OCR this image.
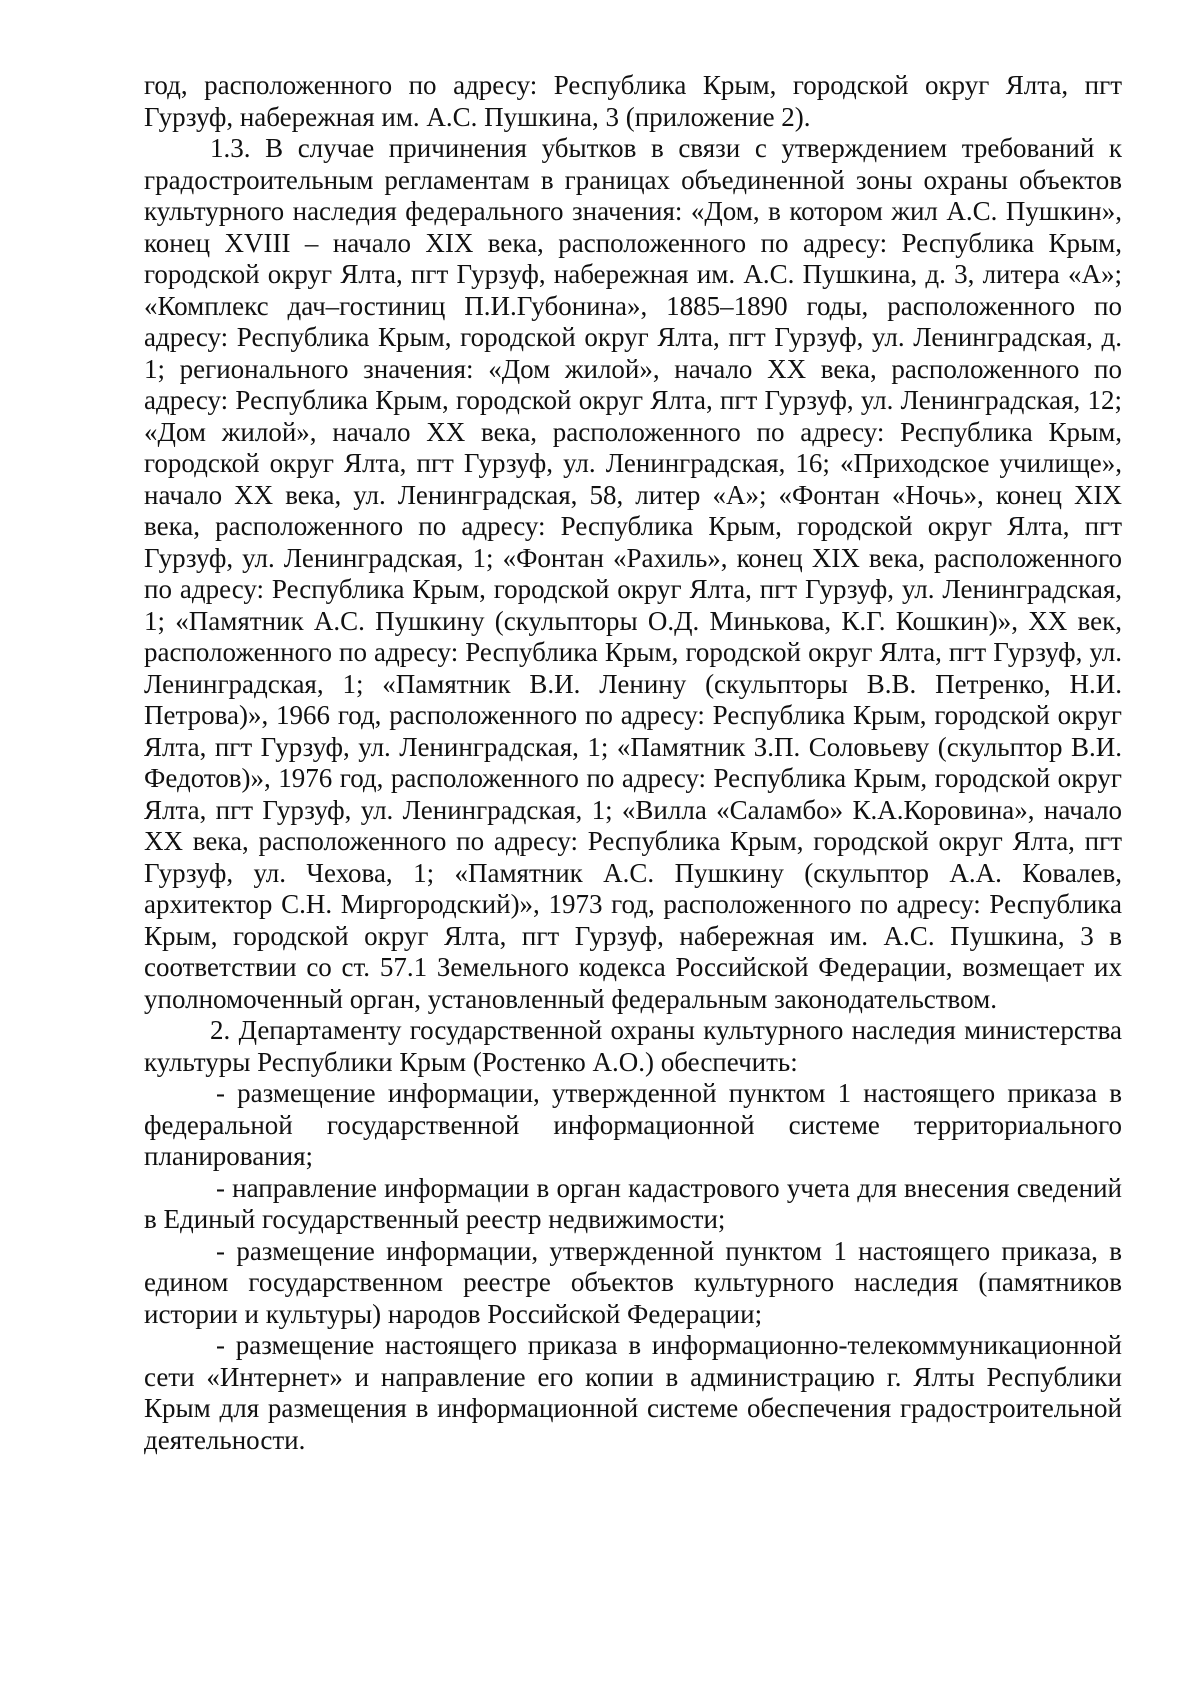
год, расположенного по адресу: Республика Крым, городской округ Ялта, пгт Гурзуф, набережная им. А.С. Пушкина, 3 (приложение 2).

1.3. В случае причинения убытков в связи с утверждением требований к градостроительным регламентам в границах объединенной зоны охраны объектов культурного наследия федерального значения: «Дом, в котором жил А.С. Пушкин», конец XVIII – начало XIX века, расположенного по адресу: Республика Крым, городской округ Ялта, пгт Гурзуф, набережная им. А.С. Пушкина, д. 3, литера «А»; «Комплекс дач–гостиниц П.И.Губонина», 1885–1890 годы, расположенного по адресу: Республика Крым, городской округ Ялта, пгт Гурзуф, ул. Ленинградская, д. 1; регионального значения: «Дом жилой», начало XX века, расположенного по адресу: Республика Крым, городской округ Ялта, пгт Гурзуф, ул. Ленинградская, 12; «Дом жилой», начало XX века, расположенного по адресу: Республика Крым, городской округ Ялта, пгт Гурзуф, ул. Ленинградская, 16; «Приходское училище», начало XX века, ул. Ленинградская, 58, литер «А»; «Фонтан «Ночь», конец XIX века, расположенного по адресу: Республика Крым, городской округ Ялта, пгт Гурзуф, ул. Ленинградская, 1; «Фонтан «Рахиль», конец XIX века, расположенного по адресу: Республика Крым, городской округ Ялта, пгт Гурзуф, ул. Ленинградская, 1; «Памятник А.С. Пушкину (скульпторы О.Д. Минькова, К.Г. Кошкин)», XX век, расположенного по адресу: Республика Крым, городской округ Ялта, пгт Гурзуф, ул. Ленинградская, 1; «Памятник В.И. Ленину (скульпторы В.В. Петренко, Н.И. Петрова)», 1966 год, расположенного по адресу: Республика Крым, городской округ Ялта, пгт Гурзуф, ул. Ленинградская, 1; «Памятник З.П. Соловьеву (скульптор В.И. Федотов)», 1976 год, расположенного по адресу: Республика Крым, городской округ Ялта, пгт Гурзуф, ул. Ленинградская, 1; «Вилла «Саламбо» К.А.Коровина», начало XX века, расположенного по адресу: Республика Крым, городской округ Ялта, пгт Гурзуф, ул. Чехова, 1; «Памятник А.С. Пушкину (скульптор А.А. Ковалев, архитектор С.Н. Миргородский)», 1973 год, расположенного по адресу: Республика Крым, городской округ Ялта, пгт Гурзуф, набережная им. А.С. Пушкина, 3 в соответствии со ст. 57.1 Земельного кодекса Российской Федерации, возмещает их уполномоченный орган, установленный федеральным законодательством.

2. Департаменту государственной охраны культурного наследия министерства культуры Республики Крым (Ростенко А.О.) обеспечить:

- размещение информации, утвержденной пунктом 1 настоящего приказа в федеральной государственной информационной системе территориального планирования;

- направление информации в орган кадастрового учета для внесения сведений в Единый государственный реестр недвижимости;

- размещение информации, утвержденной пунктом 1 настоящего приказа, в едином государственном реестре объектов культурного наследия (памятников истории и культуры) народов Российской Федерации;

- размещение настоящего приказа в информационно-телекоммуникационной сети «Интернет» и направление его копии в администрацию г. Ялты Республики Крым для размещения в информационной системе обеспечения градостроительной деятельности.
